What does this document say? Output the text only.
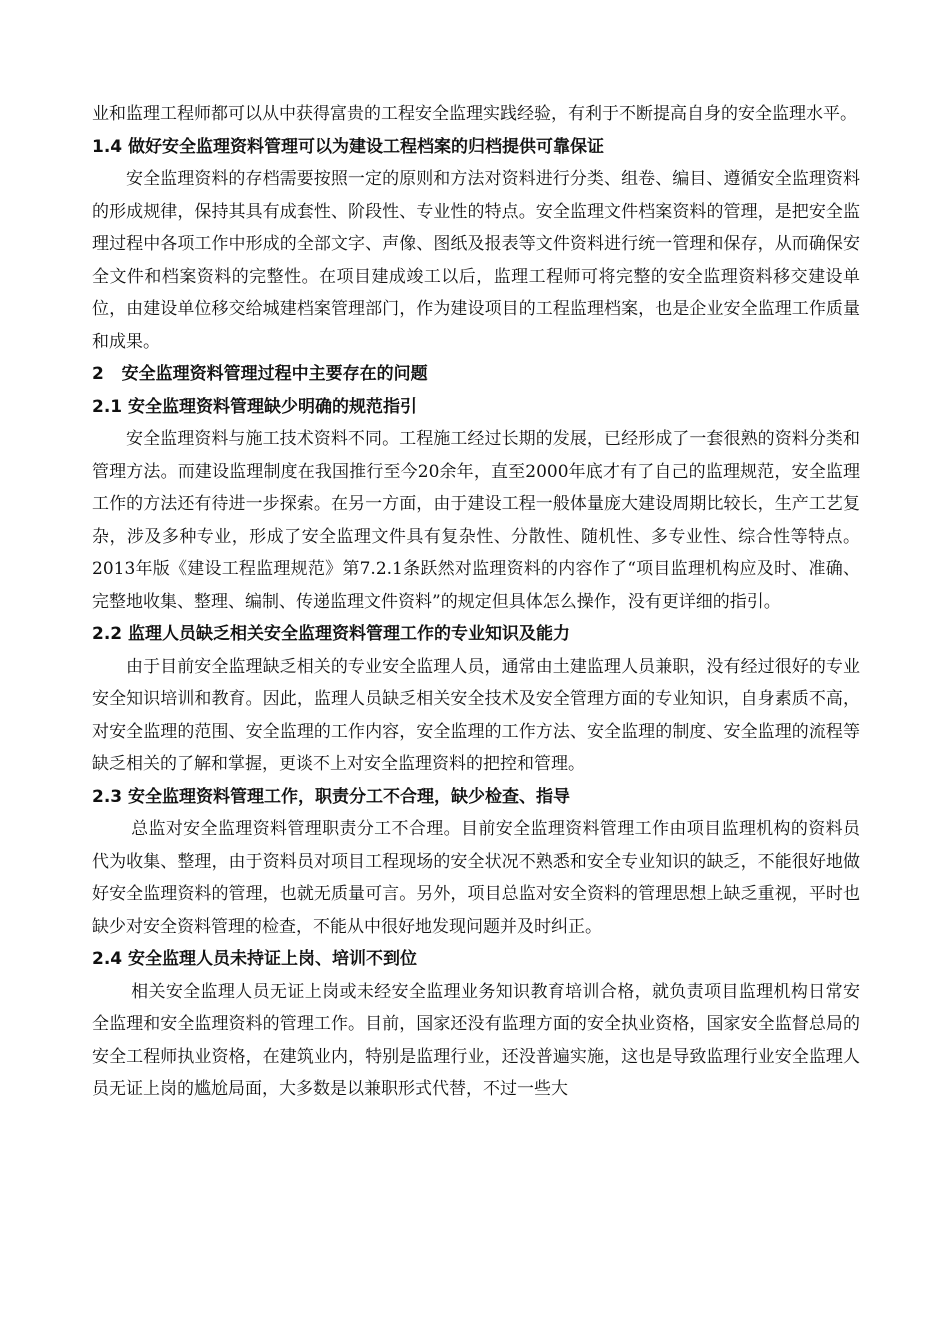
业和监理工程师都可以从中获得富贵的工程安全监理实践经验，有利于不断提高自身的安全监理水平。

1.4 做好安全监理资料管理可以为建设工程档案的归档提供可靠保证

安全监理资料的存档需要按照一定的原则和方法对资料进行分类、组卷、编目、遵循安全监理资料的形成规律，保持其具有成套性、阶段性、专业性的特点。安全监理文件档案资料的管理，是把安全监理过程中各项工作中形成的全部文字、声像、图纸及报表等文件资料进行统一管理和保存，从而确保安全文件和档案资料的完整性。在项目建成竣工以后，监理工程师可将完整的安全监理资料移交建设单位，由建设单位移交给城建档案管理部门，作为建设项目的工程监理档案，也是企业安全监理工作质量和成果。

2   安全监理资料管理过程中主要存在的问题

2.1 安全监理资料管理缺少明确的规范指引

安全监理资料与施工技术资料不同。工程施工经过长期的发展，已经形成了一套很熟的资料分类和管理方法。而建设监理制度在我国推行至今20余年，直至2000年底才有了自己的监理规范，安全监理工作的方法还有待进一步探索。在另一方面，由于建设工程一般体量庞大建设周期比较长，生产工艺复杂，涉及多种专业，形成了安全监理文件具有复杂性、分散性、随机性、多专业性、综合性等特点。2013年版《建设工程监理规范》第7.2.1条跃然对监理资料的内容作了“项目监理机构应及时、准确、完整地收集、整理、编制、传递监理文件资料”的规定但具体怎么操作，没有更详细的指引。

2.2 监理人员缺乏相关安全监理资料管理工作的专业知识及能力

由于目前安全监理缺乏相关的专业安全监理人员，通常由土建监理人员兼职，没有经过很好的专业安全知识培训和教育。因此，监理人员缺乏相关安全技术及安全管理方面的专业知识，自身素质不高，对安全监理的范围、安全监理的工作内容，安全监理的工作方法、安全监理的制度、安全监理的流程等缺乏相关的了解和掌握，更谈不上对安全监理资料的把控和管理。

2.3 安全监理资料管理工作，职责分工不合理，缺少检查、指导

总监对安全监理资料管理职责分工不合理。目前安全监理资料管理工作由项目监理机构的资料员代为收集、整理，由于资料员对项目工程现场的安全状况不熟悉和安全专业知识的缺乏，不能很好地做好安全监理资料的管理，也就无质量可言。另外，项目总监对安全资料的管理思想上缺乏重视，平时也缺少对安全资料管理的检查，不能从中很好地发现问题并及时纠正。

2.4 安全监理人员未持证上岗、培训不到位

相关安全监理人员无证上岗或未经安全监理业务知识教育培训合格，就负责项目监理机构日常安全监理和安全监理资料的管理工作。目前，国家还没有监理方面的安全执业资格，国家安全监督总局的安全工程师执业资格，在建筑业内，特别是监理行业，还没普遍实施，这也是导致监理行业安全监理人员无证上岗的尴尬局面，大多数是以兼职形式代替，不过一些大
